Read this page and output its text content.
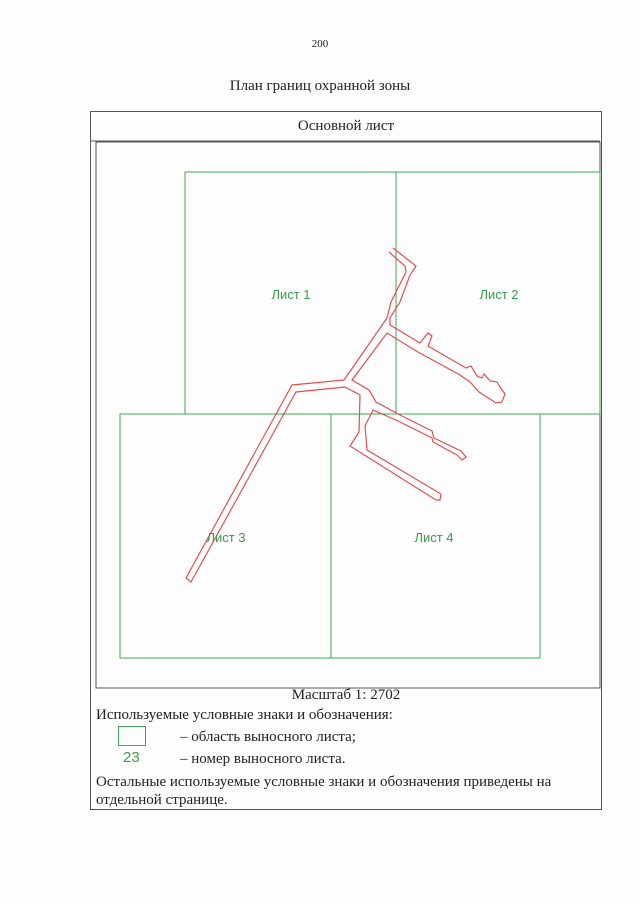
200
План границ охранной зоны
Основной лист
Лист 1	Лист 2
Лист 3	Лист 4
Масштаб 1: 2702
Используемые условные знаки и обозначения:
– область выносного листа;
23	– номер выносного листа.
Остальные используемые условные знаки и обозначения приведены на отдельной странице.
